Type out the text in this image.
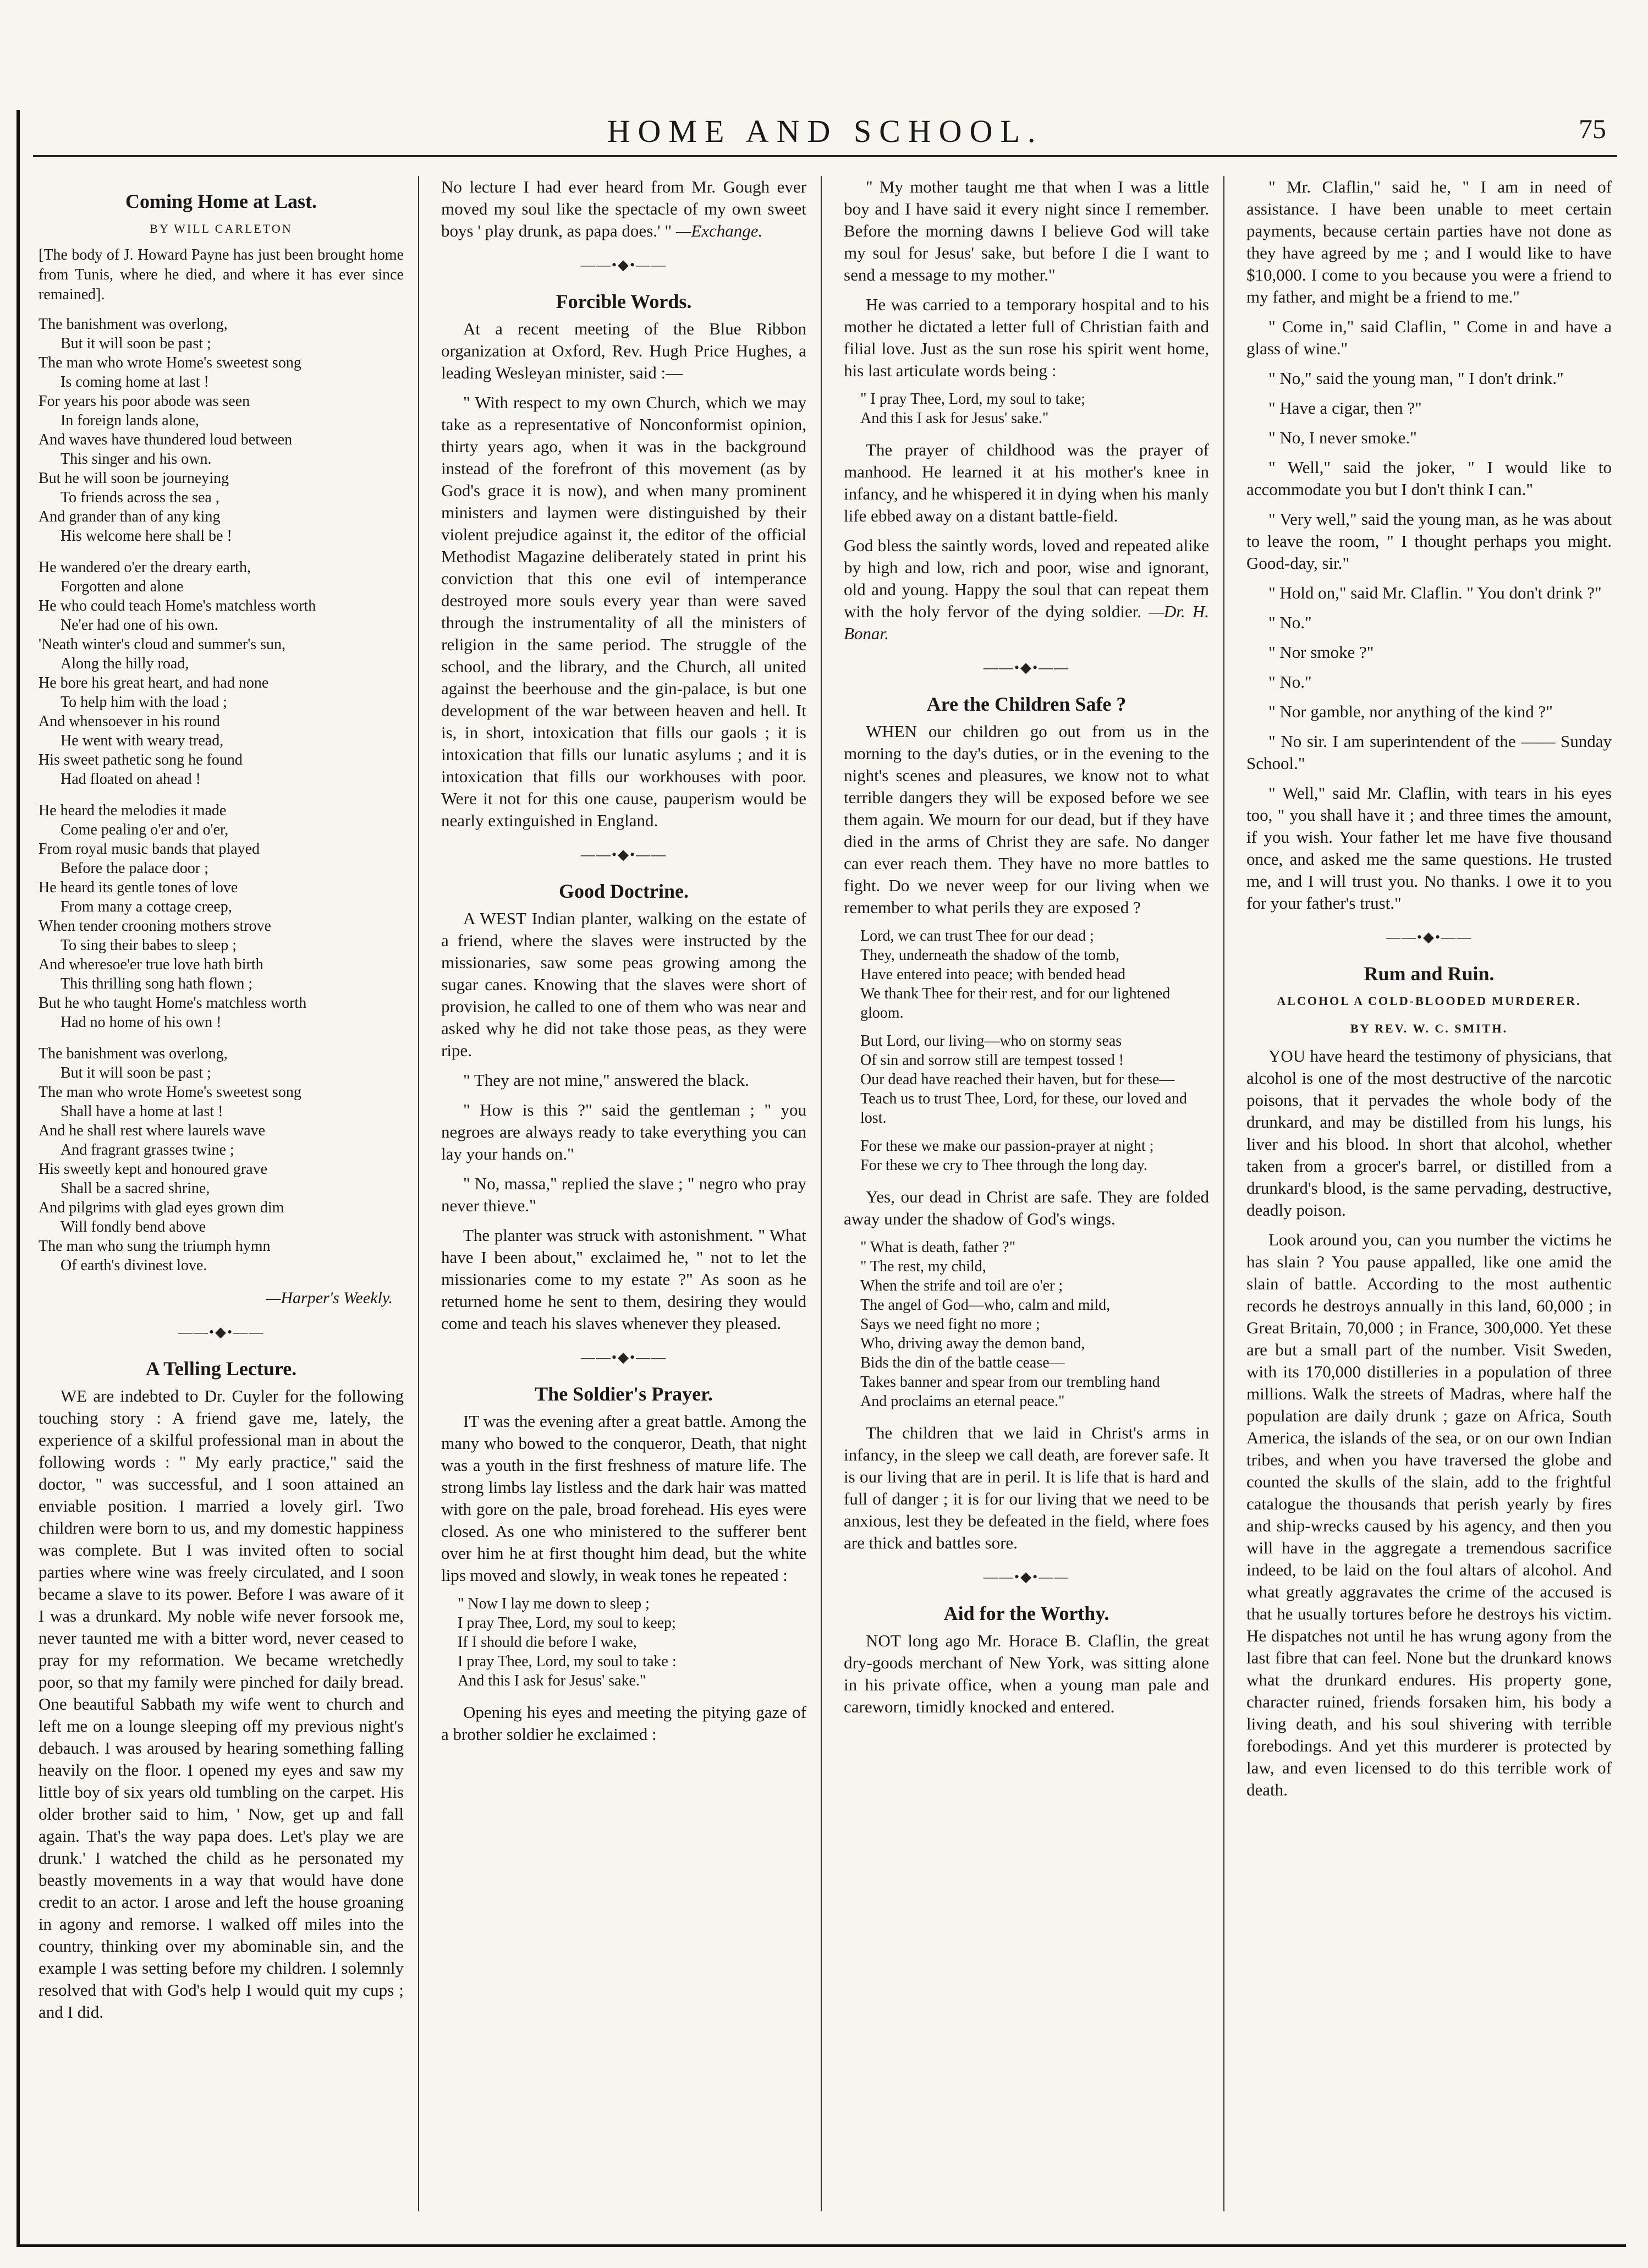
HOME AND SCHOOL.	75
Coming Home at Last.
BY WILL CARLETON
[The body of J. Howard Payne has just been brought home from Tunis, where he died, and where it has ever since remained].
The banishment was overlong,
But it will soon be past ;
The man who wrote Home's sweetest song
Is coming home at last !
For years his poor abode was seen
In foreign lands alone,
And waves have thundered loud between
This singer and his own.
But he will soon be journeying
To friends across the sea ,
And grander than of any king
His welcome here shall be !
He wandered o'er the dreary earth,
Forgotten and alone
He who could teach Home's matchless worth
Ne'er had one of his own.
'Neath winter's cloud and summer's sun,
Along the hilly road,
He bore his great heart, and had none
To help him with the load ;
And whensoever in his round
He went with weary tread,
His sweet pathetic song he found
Had floated on ahead !
He heard the melodies it made
Come pealing o'er and o'er,
From royal music bands that played
Before the palace door ;
He heard its gentle tones of love
From many a cottage creep,
When tender crooning mothers strove
To sing their babes to sleep ;
And wheresoe'er true love hath birth
This thrilling song hath flown ;
But he who taught Home's matchless worth
Had no home of his own !
The banishment was overlong,
But it will soon be past ;
The man who wrote Home's sweetest song
Shall have a home at last !
And he shall rest where laurels wave
And fragrant grasses twine ;
His sweetly kept and honoured grave
Shall be a sacred shrine,
And pilgrims with glad eyes grown dim
Will fondly bend above
The man who sung the triumph hymn
Of earth's divinest love.
—Harper's Weekly.
——•◆•——
A Telling Lecture.

WE are indebted to Dr. Cuyler for the following touching story : A friend gave me, lately, the experience of a skilful professional man in about the following words : " My early practice," said the doctor, " was successful, and I soon attained an enviable position. I married a lovely girl. Two children were born to us, and my domestic happiness was complete. But I was invited often to social parties where wine was freely circulated, and I soon became a slave to its power. Before I was aware of it I was a drunkard. My noble wife never forsook me, never taunted me with a bitter word, never ceased to pray for my reformation. We became wretchedly poor, so that my family were pinched for daily bread. One beautiful Sabbath my wife went to church and left me on a lounge sleeping off my previous night's debauch. I was aroused by hearing something falling heavily on the floor. I opened my eyes and saw my little boy of six years old tumbling on the carpet. His older brother said to him, ' Now, get up and fall again. That's the way papa does. Let's play we are drunk.' I watched the child as he personated my beastly movements in a way that would have done credit to an actor. I arose and left the house groaning in agony and remorse. I walked off miles into the country, thinking over my abominable sin, and the example I was setting before my children. I solemnly resolved that with God's help I would quit my cups ; and I did.

No lecture I had ever heard from Mr. Gough ever moved my soul like the spectacle of my own sweet boys ' play drunk, as papa does.' " —Exchange.

——•◆•——
Forcible Words.

At a recent meeting of the Blue Ribbon organization at Oxford, Rev. Hugh Price Hughes, a leading Wesleyan minister, said :—

" With respect to my own Church, which we may take as a representative of Nonconformist opinion, thirty years ago, when it was in the background instead of the forefront of this movement (as by God's grace it is now), and when many prominent ministers and laymen were distinguished by their violent prejudice against it, the editor of the official Methodist Magazine deliberately stated in print his conviction that this one evil of intemperance destroyed more souls every year than were saved through the instrumentality of all the ministers of religion in the same period. The struggle of the school, and the library, and the Church, all united against the beerhouse and the gin-palace, is but one development of the war between heaven and hell. It is, in short, intoxication that fills our gaols ; it is intoxication that fills our lunatic asylums ; and it is intoxication that fills our workhouses with poor. Were it not for this one cause, pauperism would be nearly extinguished in England.

——•◆•——
Good Doctrine.

A WEST Indian planter, walking on the estate of a friend, where the slaves were instructed by the missionaries, saw some peas growing among the sugar canes. Knowing that the slaves were short of provision, he called to one of them who was near and asked why he did not take those peas, as they were ripe.

" They are not mine," answered the black.

" How is this ?" said the gentleman ; " you negroes are always ready to take everything you can lay your hands on."

" No, massa," replied the slave ; " negro who pray never thieve."

The planter was struck with astonishment. " What have I been about," exclaimed he, " not to let the missionaries come to my estate ?" As soon as he returned home he sent to them, desiring they would come and teach his slaves whenever they pleased.

——•◆•——
The Soldier's Prayer.

IT was the evening after a great battle. Among the many who bowed to the conqueror, Death, that night was a youth in the first freshness of mature life. The strong limbs lay listless and the dark hair was matted with gore on the pale, broad forehead. His eyes were closed. As one who ministered to the sufferer bent over him he at first thought him dead, but the white lips moved and slowly, in weak tones he repeated :

" Now I lay me down to sleep ;
I pray Thee, Lord, my soul to keep;
If I should die before I wake,
I pray Thee, Lord, my soul to take :
And this I ask for Jesus' sake."

Opening his eyes and meeting the pitying gaze of a brother soldier he exclaimed :

" My mother taught me that when I was a little boy and I have said it every night since I remember. Before the morning dawns I believe God will take my soul for Jesus' sake, but before I die I want to send a message to my mother."

He was carried to a temporary hospital and to his mother he dictated a letter full of Christian faith and filial love. Just as the sun rose his spirit went home, his last articulate words being :

" I pray Thee, Lord, my soul to take;
And this I ask for Jesus' sake."

The prayer of childhood was the prayer of manhood. He learned it at his mother's knee in infancy, and he whispered it in dying when his manly life ebbed away on a distant battle-field.

God bless the saintly words, loved and repeated alike by high and low, rich and poor, wise and ignorant, old and young. Happy the soul that can repeat them with the holy fervor of the dying soldier. —Dr. H. Bonar.

——•◆•——
Are the Children Safe ?

WHEN our children go out from us in the morning to the day's duties, or in the evening to the night's scenes and pleasures, we know not to what terrible dangers they will be exposed before we see them again. We mourn for our dead, but if they have died in the arms of Christ they are safe. No danger can ever reach them. They have no more battles to fight. Do we never weep for our living when we remember to what perils they are exposed ?

Lord, we can trust Thee for our dead ;
They, underneath the shadow of the tomb,
Have entered into peace; with bended head
We thank Thee for their rest, and for our lightened gloom.
But Lord, our living—who on stormy seas
Of sin and sorrow still are tempest tossed !
Our dead have reached their haven, but for these—
Teach us to trust Thee, Lord, for these, our loved and lost.
For these we make our passion-prayer at night ;
For these we cry to Thee through the long day.

Yes, our dead in Christ are safe. They are folded away under the shadow of God's wings.

" What is death, father ?"
" The rest, my child,
When the strife and toil are o'er ;
The angel of God—who, calm and mild,
Says we need fight no more ;
Who, driving away the demon band,
Bids the din of the battle cease—
Takes banner and spear from our trembling hand
And proclaims an eternal peace."

The children that we laid in Christ's arms in infancy, in the sleep we call death, are forever safe. It is our living that are in peril. It is life that is hard and full of danger ; it is for our living that we need to be anxious, lest they be defeated in the field, where foes are thick and battles sore.

——•◆•——
Aid for the Worthy.

NOT long ago Mr. Horace B. Claflin, the great dry-goods merchant of New York, was sitting alone in his private office, when a young man pale and careworn, timidly knocked and entered.

" Mr. Claflin," said he, " I am in need of assistance. I have been unable to meet certain payments, because certain parties have not done as they have agreed by me ; and I would like to have $10,000. I come to you because you were a friend to my father, and might be a friend to me."

" Come in," said Claflin, " Come in and have a glass of wine."

" No," said the young man, " I don't drink."

" Have a cigar, then ?"

" No, I never smoke."

" Well," said the joker, " I would like to accommodate you but I don't think I can."

" Very well," said the young man, as he was about to leave the room, " I thought perhaps you might. Good-day, sir."

" Hold on," said Mr. Claflin. " You don't drink ?"

" No."

" Nor smoke ?"

" No."

" Nor gamble, nor anything of the kind ?"

" No sir. I am superintendent of the —— Sunday School."

" Well," said Mr. Claflin, with tears in his eyes too, " you shall have it ; and three times the amount, if you wish. Your father let me have five thousand once, and asked me the same questions. He trusted me, and I will trust you. No thanks. I owe it to you for your father's trust."

——•◆•——
Rum and Ruin.
ALCOHOL A COLD-BLOODED MURDERER.
BY REV. W. C. SMITH.

YOU have heard the testimony of physicians, that alcohol is one of the most destructive of the narcotic poisons, that it pervades the whole body of the drunkard, and may be distilled from his lungs, his liver and his blood. In short that alcohol, whether taken from a grocer's barrel, or distilled from a drunkard's blood, is the same pervading, destructive, deadly poison.

Look around you, can you number the victims he has slain ? You pause appalled, like one amid the slain of battle. According to the most authentic records he destroys annually in this land, 60,000 ; in Great Britain, 70,000 ; in France, 300,000. Yet these are but a small part of the number. Visit Sweden, with its 170,000 distilleries in a population of three millions. Walk the streets of Madras, where half the population are daily drunk ; gaze on Africa, South America, the islands of the sea, or on our own Indian tribes, and when you have traversed the globe and counted the skulls of the slain, add to the frightful catalogue the thousands that perish yearly by fires and ship-wrecks caused by his agency, and then you will have in the aggregate a tremendous sacrifice indeed, to be laid on the foul altars of alcohol. And what greatly aggravates the crime of the accused is that he usually tortures before he destroys his victim. He dispatches not until he has wrung agony from the last fibre that can feel. None but the drunkard knows what the drunkard endures. His property gone, character ruined, friends forsaken him, his body a living death, and his soul shivering with terrible forebodings. And yet this murderer is protected by law, and even licensed to do this terrible work of death.
